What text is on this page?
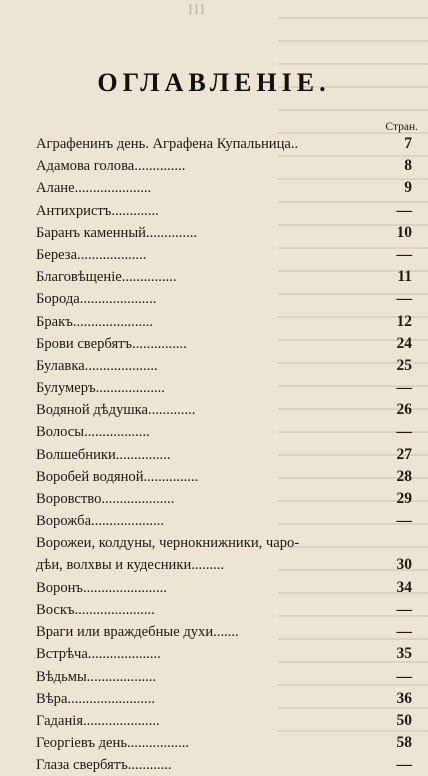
III
ОГЛАВЛЕНІЕ.
Стран.
Аграфенинъ день. Аграфена Купальница..	7
Адамова голова..............	8
Алане.....................	9
Антихристъ.............	—
Баранъ каменный..............	10
Береза...................	—
Благовѣщеніе...............	11
Борода.....................	—
Бракъ......................	12
Брови свербятъ...............	24
Булавка....................	25
Булумеръ...................	—
Водяной дѣдушка.............	26
Волосы..................	—
Волшебники...............	27
Воробей водяной...............	28
Воровство....................	29
Ворожба....................	—
Ворожеи, колдуны, чернокнижники, чаро-
дѣи, волхвы и кудесники.........	30
Воронъ.......................	34
Воскъ......................	—
Враги или враждебные духи.......	—
Встрѣча....................	35
Вѣдьмы...................	—
Вѣра........................	36
Гаданія.....................	50
Георгіевъ день.................	58
Глаза свербятъ............	—
